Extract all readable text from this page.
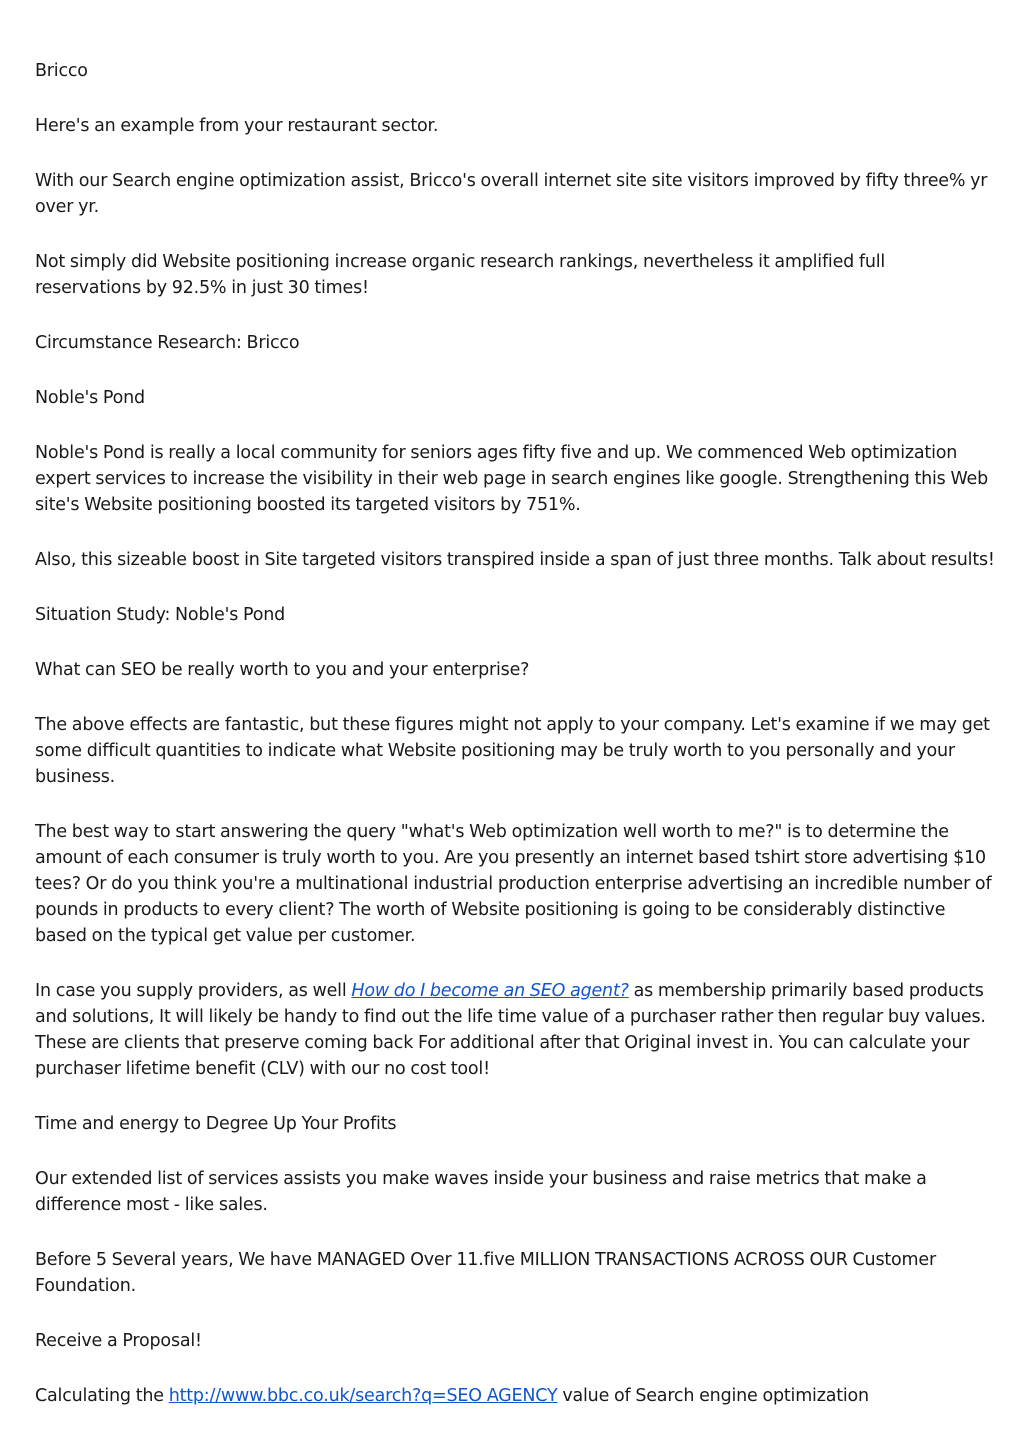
Bricco

Here's an example from your restaurant sector.

With our Search engine optimization assist, Bricco's overall internet site site visitors improved by fifty three% yr over yr.

Not simply did Website positioning increase organic research rankings, nevertheless it amplified full reservations by 92.5% in just 30 times!

Circumstance Research: Bricco

Noble's Pond

Noble's Pond is really a local community for seniors ages fifty five and up. We commenced Web optimization expert services to increase the visibility in their web page in search engines like google. Strengthening this Web site's Website positioning boosted its targeted visitors by 751%.

Also, this sizeable boost in Site targeted visitors transpired inside a span of just three months. Talk about results!

Situation Study: Noble's Pond

What can SEO be really worth to you and your enterprise?

The above effects are fantastic, but these figures might not apply to your company. Let's examine if we may get some difficult quantities to indicate what Website positioning may be truly worth to you personally and your business.

The best way to start answering the query "what's Web optimization well worth to me?" is to determine the amount of each consumer is truly worth to you. Are you presently an internet based tshirt store advertising $10 tees? Or do you think you're a multinational industrial production enterprise advertising an incredible number of pounds in products to every client? The worth of Website positioning is going to be considerably distinctive based on the typical get value per customer.

In case you supply providers, as well How do I become an SEO agent? as membership primarily based products and solutions, It will likely be handy to find out the life time value of a purchaser rather then regular buy values. These are clients that preserve coming back For additional after that Original invest in. You can calculate your purchaser lifetime benefit (CLV) with our no cost tool!

Time and energy to Degree Up Your Profits

Our extended list of services assists you make waves inside your business and raise metrics that make a difference most - like sales.

Before 5 Several years, We have MANAGED Over 11.five MILLION TRANSACTIONS ACROSS OUR Customer Foundation.

Receive a Proposal!

Calculating the http://www.bbc.co.uk/search?q=SEO AGENCY value of Search engine optimization
